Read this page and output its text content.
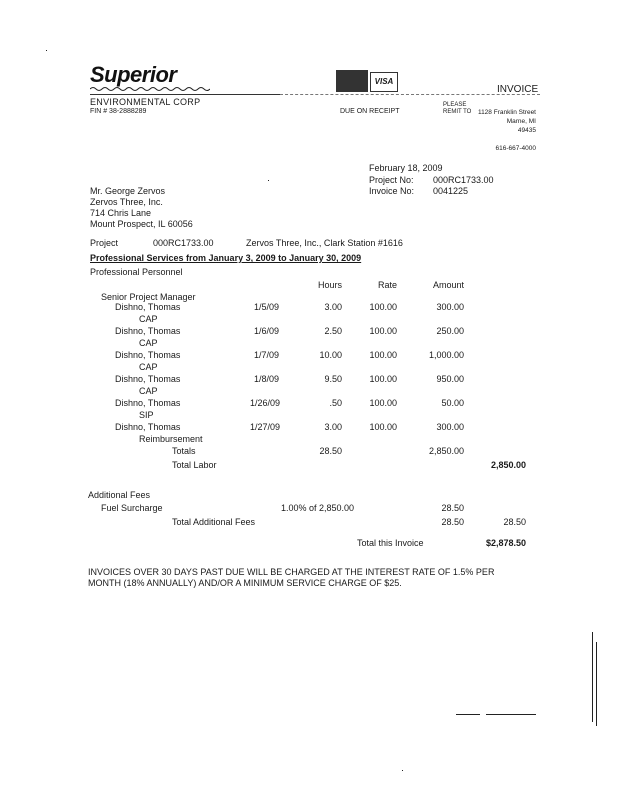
Superior
ENVIRONMENTAL CORP
FIN # 38-2888289
VISA
INVOICE
DUE ON RECEIPT
PLEASE
REMIT TO	1128 Franklin Street
Marne, MI
49435
616-667-4000
February 18, 2009
Project No: 000RC1733.00
Invoice No: 0041225
Mr. George Zervos
Zervos Three, Inc.
714 Chris Lane
Mount Prospect, IL 60056
Project	000RC1733.00	Zervos Three, Inc., Clark Station #1616
Professional Services from January 3, 2009 to January 30, 2009
Professional Personnel
Hours	Rate	Amount
Senior Project Manager
Dishno, Thomas	1/5/09	3.00	100.00	300.00
CAP
Dishno, Thomas	1/6/09	2.50	100.00	250.00
CAP
Dishno, Thomas	1/7/09	10.00	100.00	1,000.00
CAP
Dishno, Thomas	1/8/09	9.50	100.00	950.00
CAP
Dishno, Thomas	1/26/09	.50	100.00	50.00
SIP
Dishno, Thomas	1/27/09	3.00	100.00	300.00
Reimbursement
Totals	28.50	2,850.00
Total Labor	2,850.00
Additional Fees
Fuel Surcharge	1.00% of 2,850.00	28.50
Total Additional Fees	28.50	28.50
Total this Invoice	$2,878.50
INVOICES OVER 30 DAYS PAST DUE WILL BE CHARGED AT THE INTEREST RATE OF 1.5% PER
MONTH (18% ANNUALLY) AND/OR A MINIMUM SERVICE CHARGE OF $25.
